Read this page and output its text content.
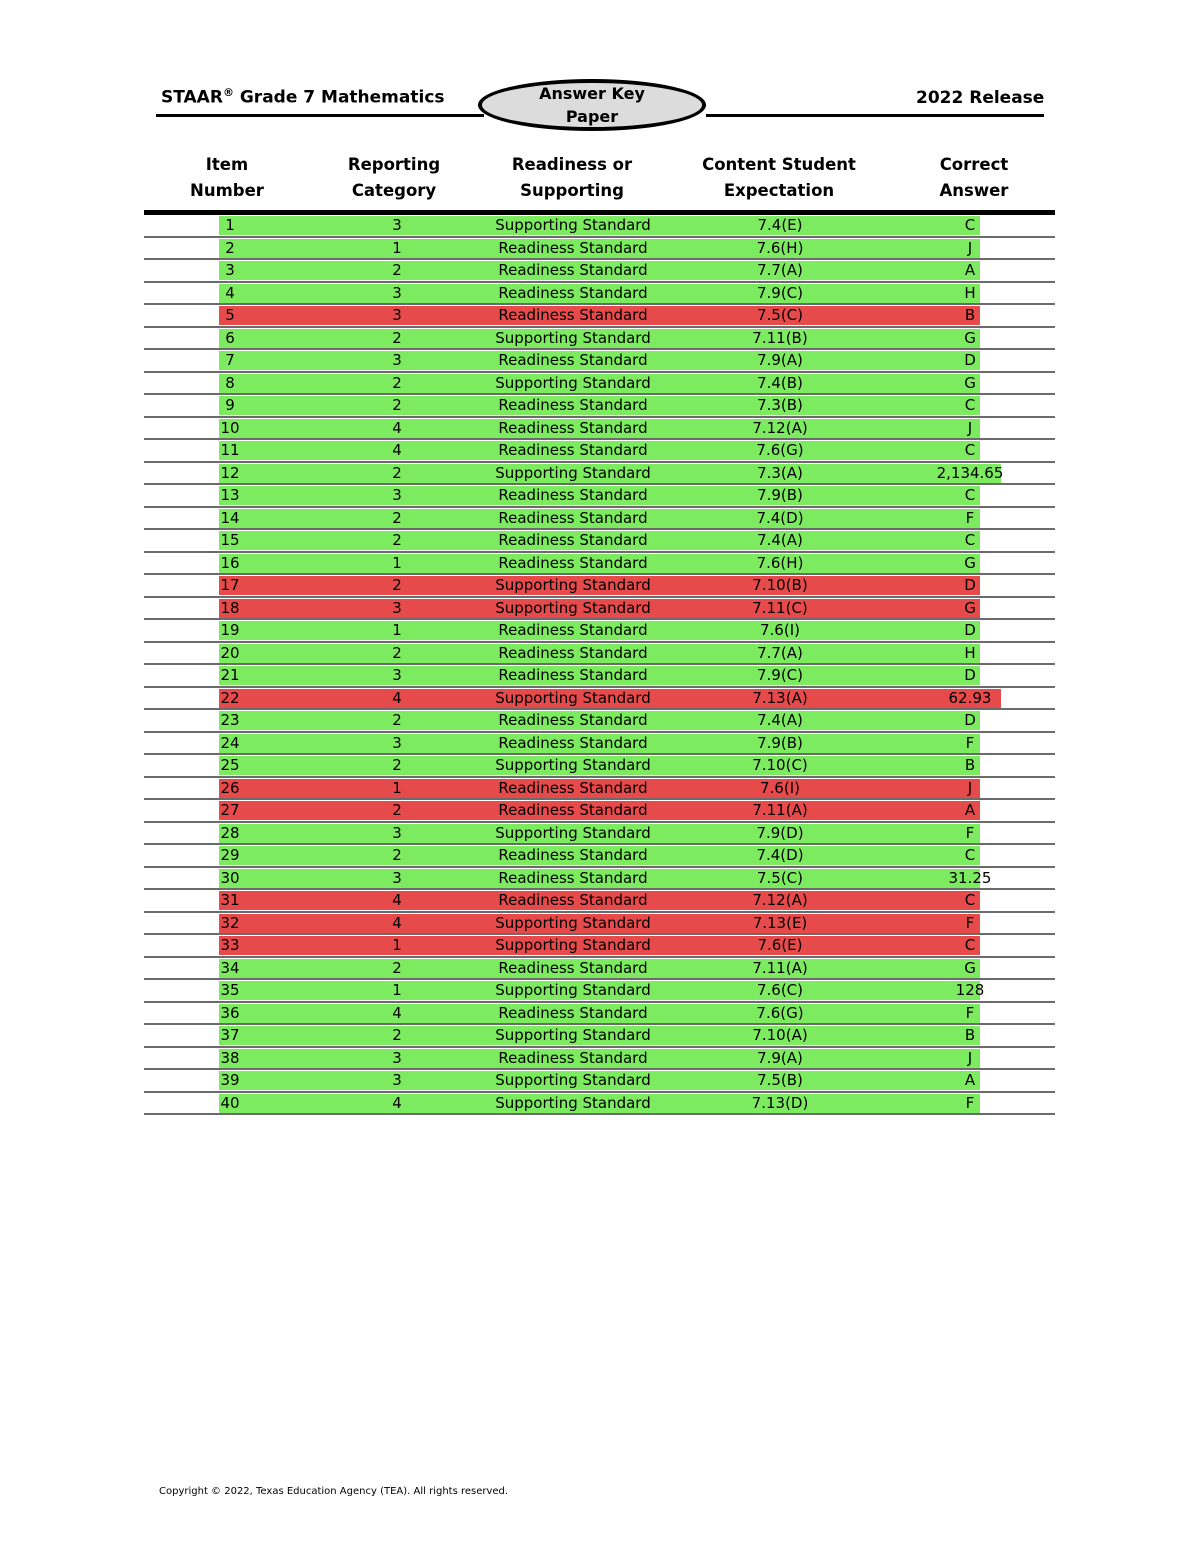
STAAR® Grade 7 Mathematics	Answer Key
Paper
2022 Release
Item
Number
Reporting
Category
Readiness or
Supporting
Content Student
Expectation
Correct
Answer
1	3	Supporting Standard	7.4(E)	C
2	1	Readiness Standard	7.6(H)	J
3	2	Readiness Standard	7.7(A)	A
4	3	Readiness Standard	7.9(C)	H
5	3	Readiness Standard	7.5(C)	B
6	2	Supporting Standard	7.11(B)	G
7	3	Readiness Standard	7.9(A)	D
8	2	Supporting Standard	7.4(B)	G
9	2	Readiness Standard	7.3(B)	C
10	4	Readiness Standard	7.12(A)	J
11	4	Readiness Standard	7.6(G)	C
12	2	Supporting Standard	7.3(A)	2,134.65
13	3	Readiness Standard	7.9(B)	C
14	2	Readiness Standard	7.4(D)	F
15	2	Readiness Standard	7.4(A)	C
16	1	Readiness Standard	7.6(H)	G
17	2	Supporting Standard	7.10(B)	D
18	3	Supporting Standard	7.11(C)	G
19	1	Readiness Standard	7.6(I)	D
20	2	Readiness Standard	7.7(A)	H
21	3	Readiness Standard	7.9(C)	D
22	4	Supporting Standard	7.13(A)	62.93
23	2	Readiness Standard	7.4(A)	D
24	3	Readiness Standard	7.9(B)	F
25	2	Supporting Standard	7.10(C)	B
26	1	Readiness Standard	7.6(I)	J
27	2	Readiness Standard	7.11(A)	A
28	3	Supporting Standard	7.9(D)	F
29	2	Readiness Standard	7.4(D)	C
30	3	Readiness Standard	7.5(C)	31.25
31	4	Readiness Standard	7.12(A)	C
32	4	Supporting Standard	7.13(E)	F
33	1	Supporting Standard	7.6(E)	C
34	2	Readiness Standard	7.11(A)	G
35	1	Supporting Standard	7.6(C)	128
36	4	Readiness Standard	7.6(G)	F
37	2	Supporting Standard	7.10(A)	B
38	3	Readiness Standard	7.9(A)	J
39	3	Supporting Standard	7.5(B)	A
40	4	Supporting Standard	7.13(D)	F
Copyright © 2022, Texas Education Agency (TEA). All rights reserved.
